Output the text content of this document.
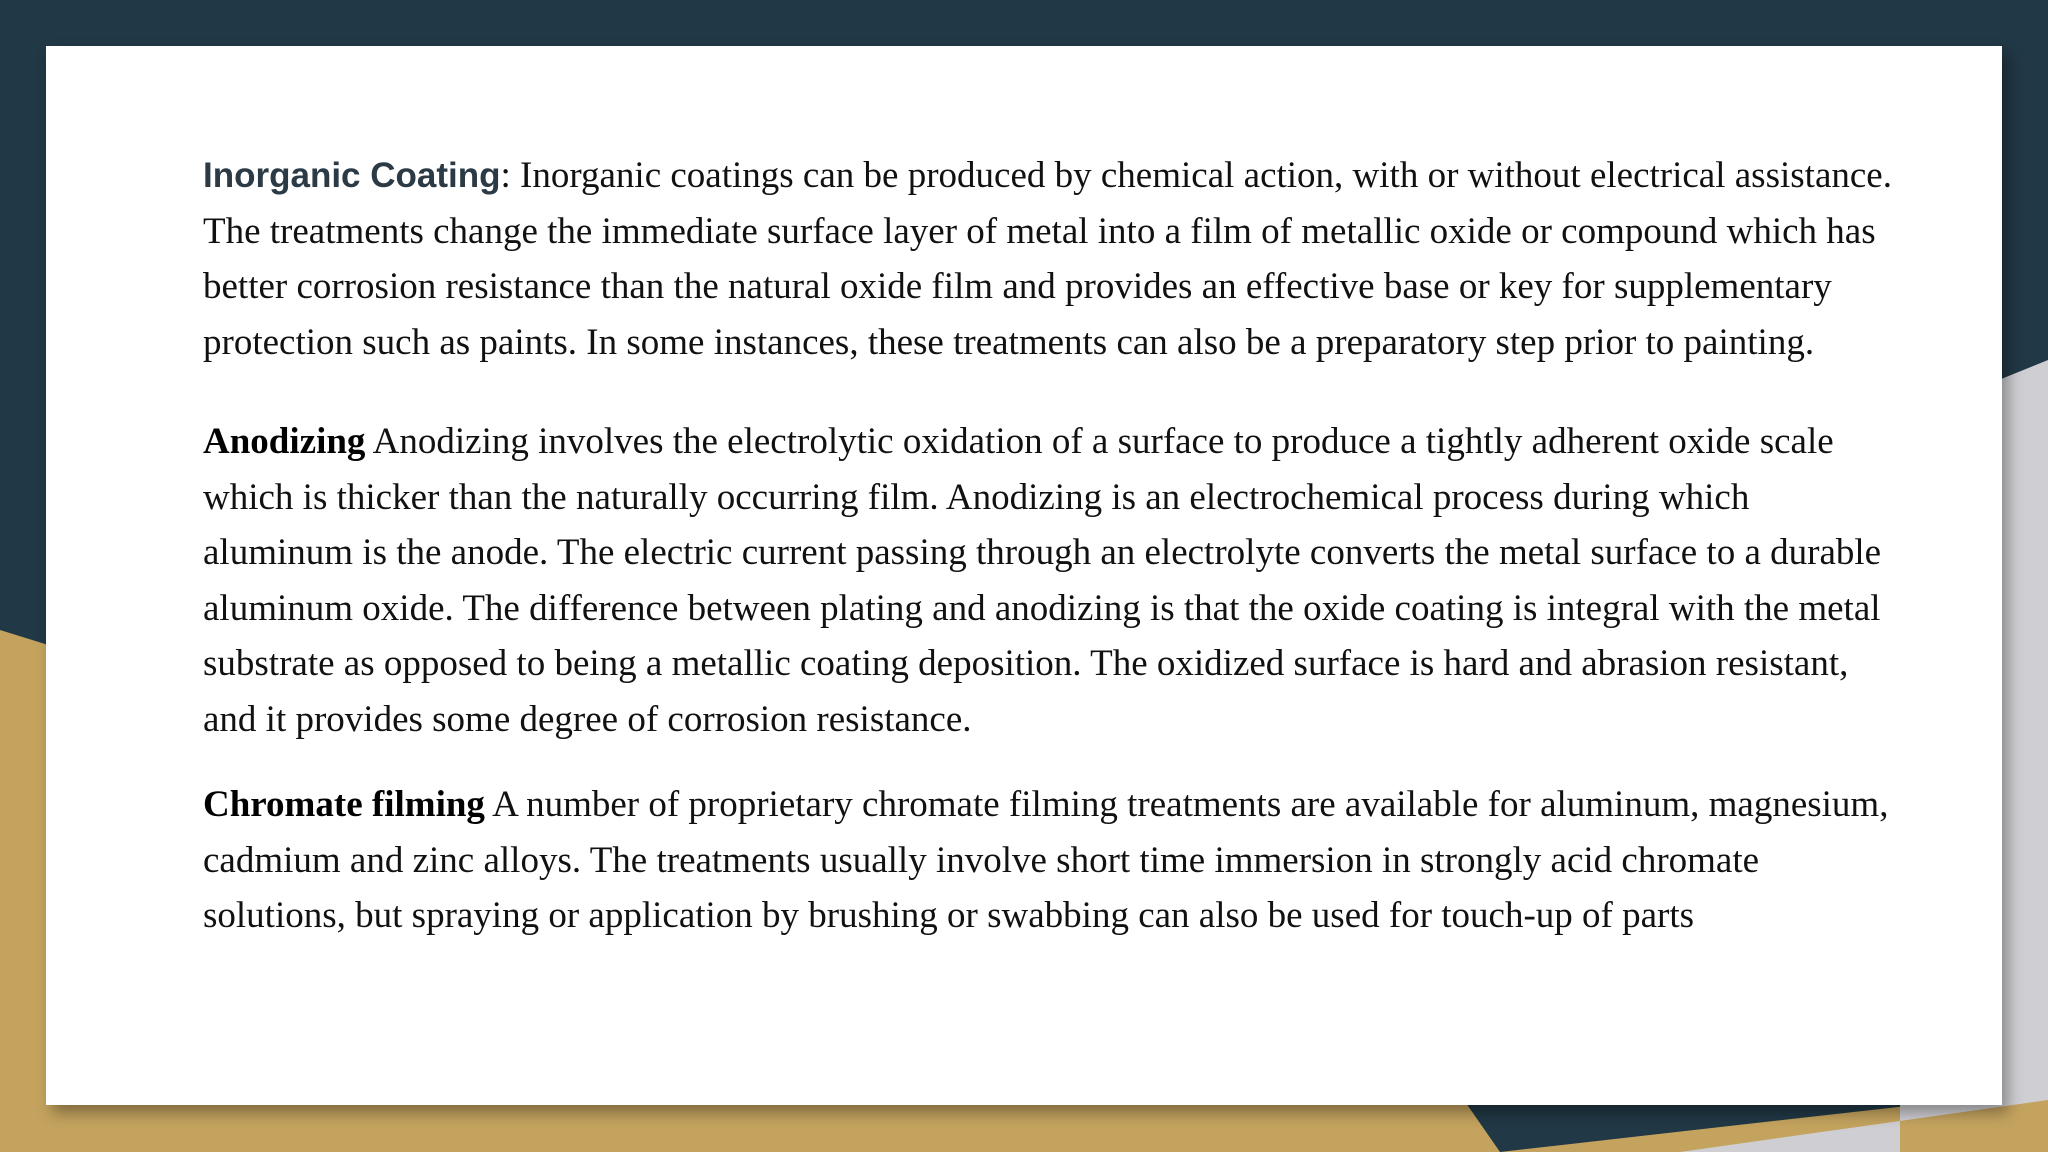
Inorganic Coating: Inorganic coatings can be produced by chemical action, with or without electrical assistance. The treatments change the immediate surface layer of metal into a film of metallic oxide or compound which has better corrosion resistance than the natural oxide film and provides an effective base or key for supplementary protection such as paints. In some instances, these treatments can also be a preparatory step prior to painting.

Anodizing Anodizing involves the electrolytic oxidation of a surface to produce a tightly adherent oxide scale which is thicker than the naturally occurring film. Anodizing is an electrochemical process during which aluminum is the anode. The electric current passing through an electrolyte converts the metal surface to a durable aluminum oxide. The difference between plating and anodizing is that the oxide coating is integral with the metal substrate as opposed to being a metallic coating deposition. The oxidized surface is hard and abrasion resistant, and it provides some degree of corrosion resistance.

Chromate filming A number of proprietary chromate filming treatments are available for aluminum, magnesium, cadmium and zinc alloys. The treatments usually involve short time immersion in strongly acid chromate solutions, but spraying or application by brushing or swabbing can also be used for touch-up of parts
